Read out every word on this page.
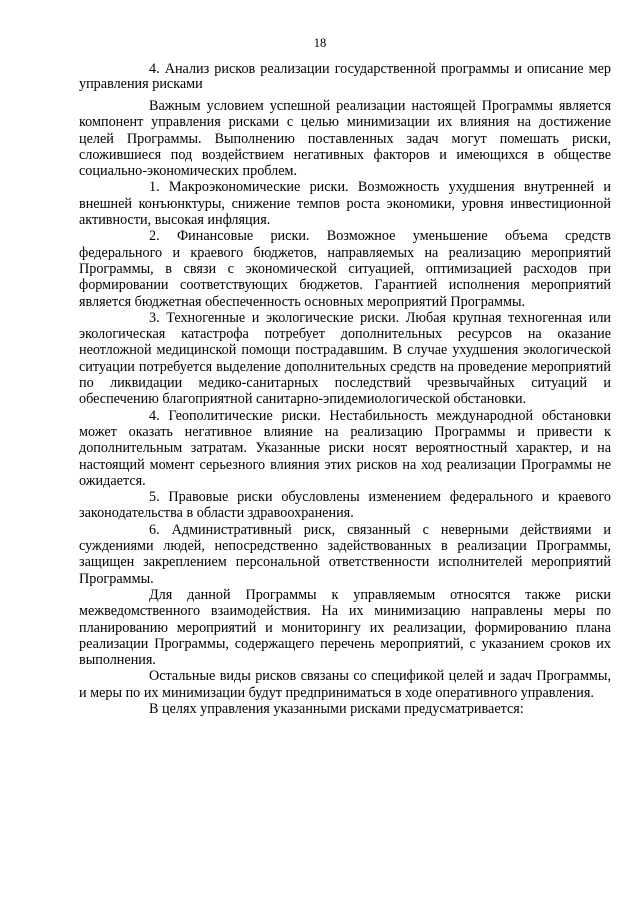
18

4. Анализ рисков реализации государственной программы и описание мер управления рисками

Важным условием успешной реализации настоящей Программы является компонент управления рисками с целью минимизации их влияния на достижение целей Программы. Выполнению поставленных задач могут помешать риски, сложившиеся под воздействием негативных факторов и имеющихся в обществе социально-экономических проблем.

1. Макроэкономические риски. Возможность ухудшения внутренней и внешней конъюнктуры, снижение темпов роста экономики, уровня инвестиционной активности, высокая инфляция.

2. Финансовые риски. Возможное уменьшение объема средств федерального и краевого бюджетов, направляемых на реализацию мероприятий Программы, в связи с экономической ситуацией, оптимизацией расходов при формировании соответствующих бюджетов. Гарантией исполнения мероприятий является бюджетная обеспеченность основных мероприятий Программы.

3. Техногенные и экологические риски. Любая крупная техногенная или экологическая катастрофа потребует дополнительных ресурсов на оказание неотложной медицинской помощи пострадавшим. В случае ухудшения экологической ситуации потребуется выделение дополнительных средств на проведение мероприятий по ликвидации медико-санитарных последствий чрезвычайных ситуаций и обеспечению благоприятной санитарно-эпидемиологической обстановки.

4. Геополитические риски. Нестабильность международной обстановки может оказать негативное влияние на реализацию Программы и привести к дополнительным затратам. Указанные риски носят вероятностный характер, и на настоящий момент серьезного влияния этих рисков на ход реализации Программы не ожидается.

5. Правовые риски обусловлены изменением федерального и краевого законодательства в области здравоохранения.

6. Административный риск, связанный с неверными действиями и суждениями людей, непосредственно задействованных в реализации Программы, защищен закреплением персональной ответственности исполнителей мероприятий Программы.

Для данной Программы к управляемым относятся также риски межведомственного взаимодействия. На их минимизацию направлены меры по планированию мероприятий и мониторингу их реализации, формированию плана реализации Программы, содержащего перечень мероприятий, с указанием сроков их выполнения.

Остальные виды рисков связаны со спецификой целей и задач Программы, и меры по их минимизации будут предприниматься в ходе оперативного управления.

В целях управления указанными рисками предусматривается:
